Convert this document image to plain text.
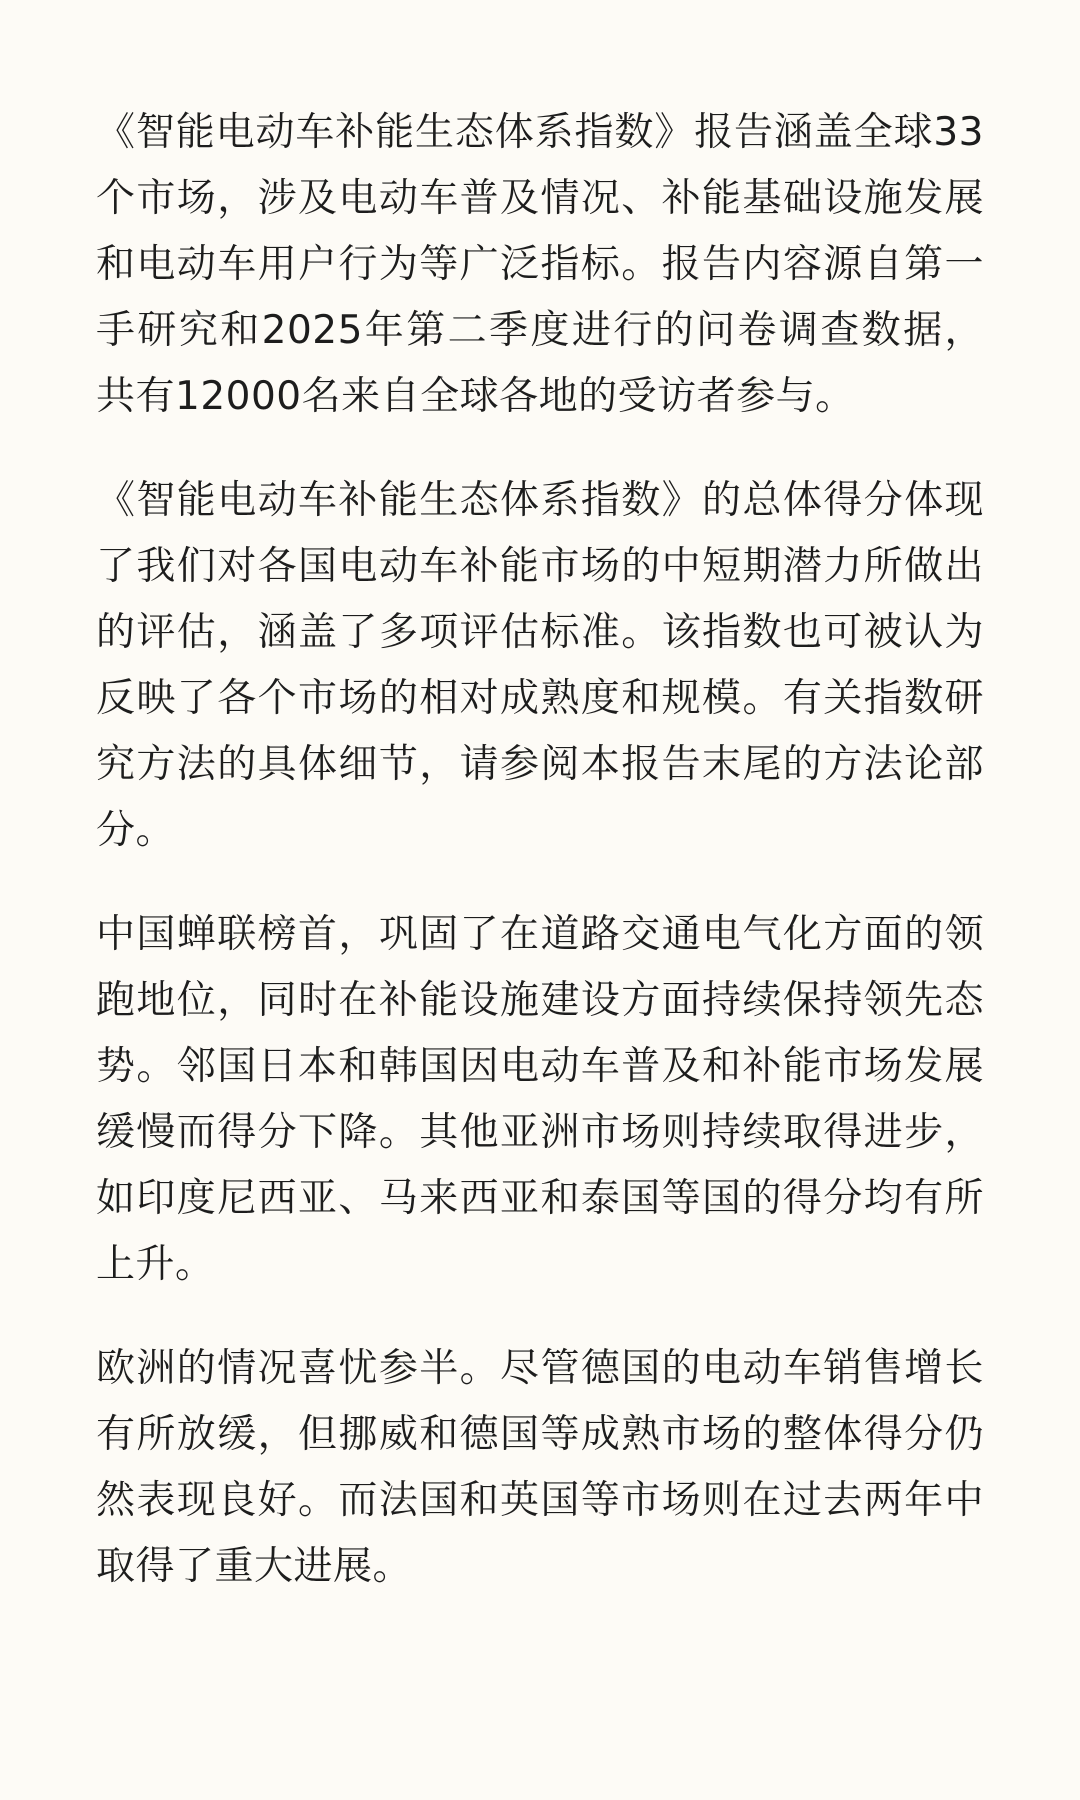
《智能电动车补能生态体系指数》报告涵盖全球33个市场，涉及电动车普及情况、补能基础设施发展和电动车用户行为等广泛指标。报告内容源自第一手研究和2025年第二季度进行的问卷调查数据，共有12000名来自全球各地的受访者参与。

《智能电动车补能生态体系指数》的总体得分体现了我们对各国电动车补能市场的中短期潜力所做出的评估，涵盖了多项评估标准。该指数也可被认为反映了各个市场的相对成熟度和规模。有关指数研究方法的具体细节，请参阅本报告末尾的方法论部分。

中国蝉联榜首，巩固了在道路交通电气化方面的领跑地位，同时在补能设施建设方面持续保持领先态势。邻国日本和韩国因电动车普及和补能市场发展缓慢而得分下降。其他亚洲市场则持续取得进步，如印度尼西亚、马来西亚和泰国等国的得分均有所上升。

欧洲的情况喜忧参半。尽管德国的电动车销售增长有所放缓，但挪威和德国等成熟市场的整体得分仍然表现良好。而法国和英国等市场则在过去两年中取得了重大进展。
